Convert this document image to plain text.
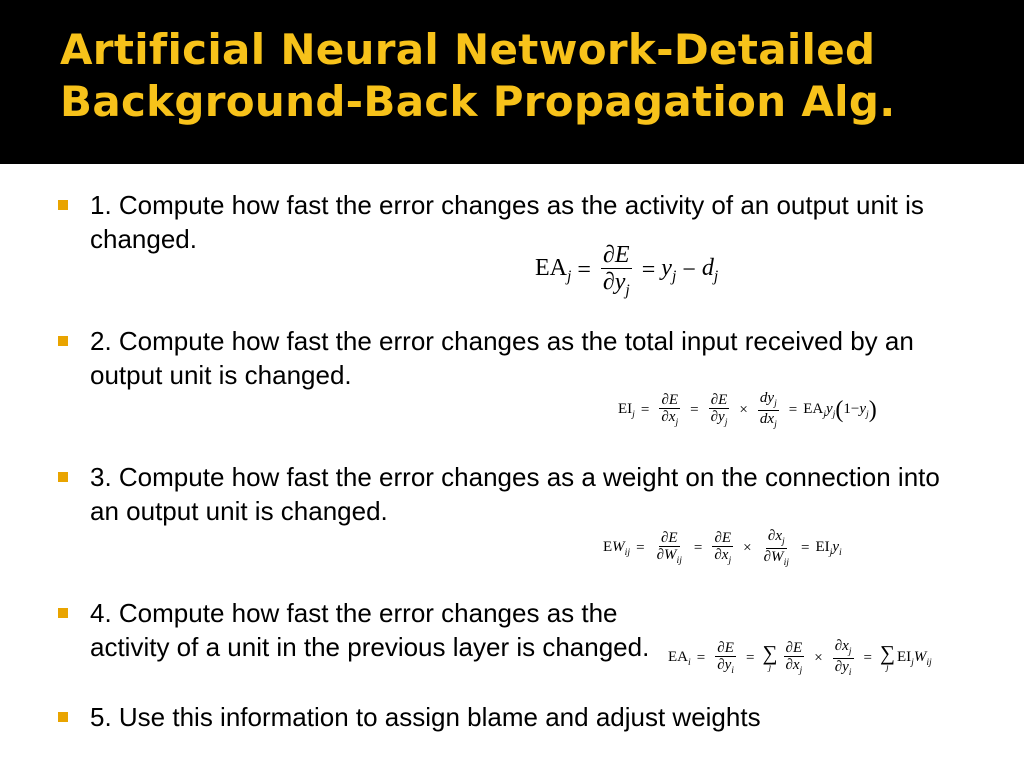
Artificial Neural Network-Detailed Background-Back Propagation Alg.
1. Compute how fast the error changes as the activity of an output unit is changed.
$EA_j = \frac{\partial E}{\partial y_j} = y_j - d_j$
2. Compute how fast the error changes as the total input received by an output unit is changed.
$EI_j = \frac{\partial E}{\partial x_j} = \frac{\partial E}{\partial y_j} \times \frac{dy_j}{dx_j} = EA_jy_j$ ( $1-y_j$ )
3. Compute how fast the error changes as a weight on the connection into an output unit is changed.
$EW_{ij} = \frac{\partial E}{\partial W_{ij}} = \frac{\partial E}{\partial x_j} \times \frac{\partial x_j}{\partial W_{ij}} = EI_jy_i$
4. Compute how fast the error changes as the activity of a unit in the previous layer is changed.	$EA_i = \frac{\partial E}{\partial y_i}$ = ∑
j $\frac{\partial E}{\partial x_j} \times \frac{\partial x_j}{\partial y_i}$ = ∑
j
$EI_jW_{ij}$
5. Use this information to assign blame and adjust weights
